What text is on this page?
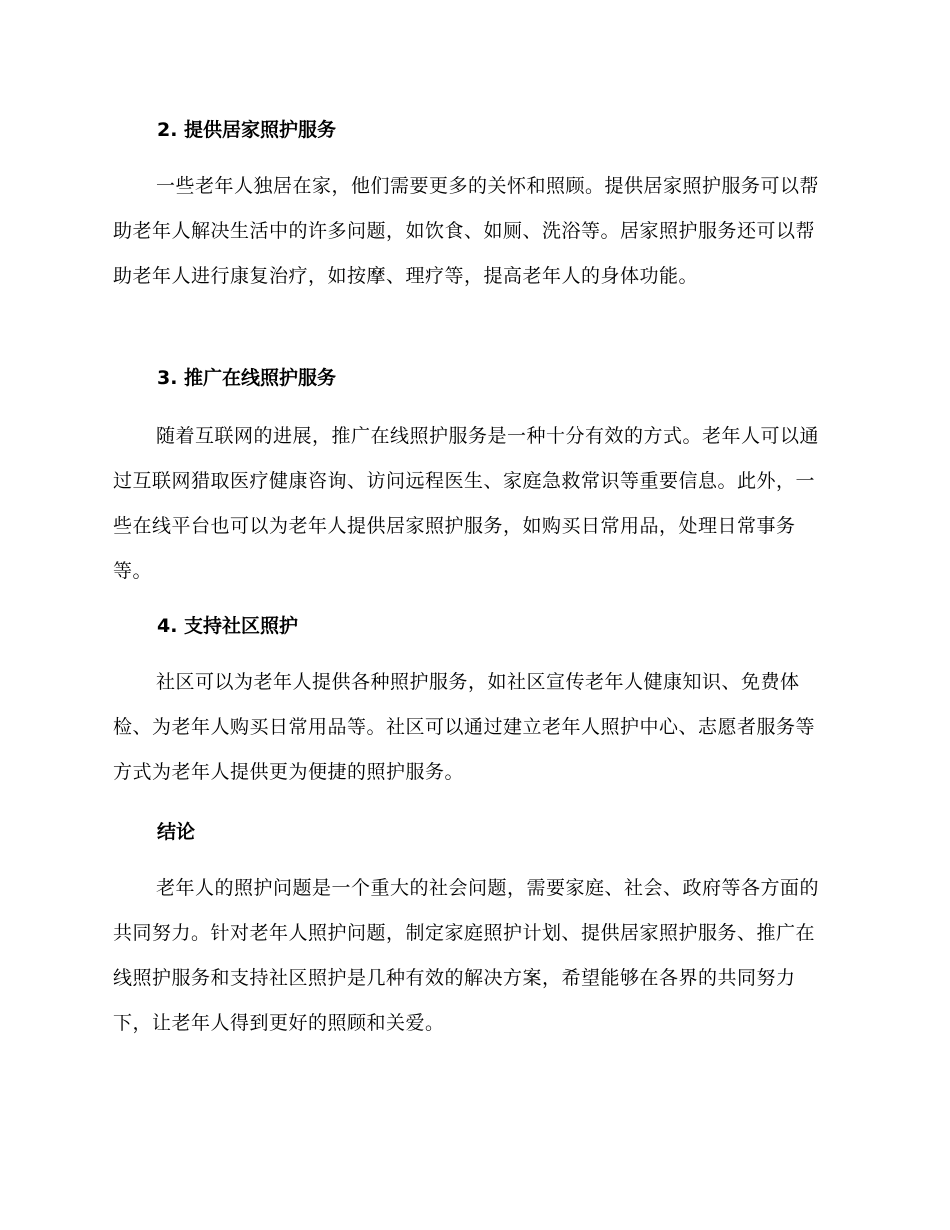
2. 提供居家照护服务

一些老年人独居在家，他们需要更多的关怀和照顾。提供居家照护服务可以帮助老年人解决生活中的许多问题，如饮食、如厕、洗浴等。居家照护服务还可以帮助老年人进行康复治疗，如按摩、理疗等，提高老年人的身体功能。

3. 推广在线照护服务

随着互联网的进展，推广在线照护服务是一种十分有效的方式。老年人可以通过互联网猎取医疗健康咨询、访问远程医生、家庭急救常识等重要信息。此外，一些在线平台也可以为老年人提供居家照护服务，如购买日常用品，处理日常事务等。

4. 支持社区照护

社区可以为老年人提供各种照护服务，如社区宣传老年人健康知识、免费体检、为老年人购买日常用品等。社区可以通过建立老年人照护中心、志愿者服务等方式为老年人提供更为便捷的照护服务。

结论

老年人的照护问题是一个重大的社会问题，需要家庭、社会、政府等各方面的共同努力。针对老年人照护问题，制定家庭照护计划、提供居家照护服务、推广在线照护服务和支持社区照护是几种有效的解决方案，希望能够在各界的共同努力下，让老年人得到更好的照顾和关爱。
